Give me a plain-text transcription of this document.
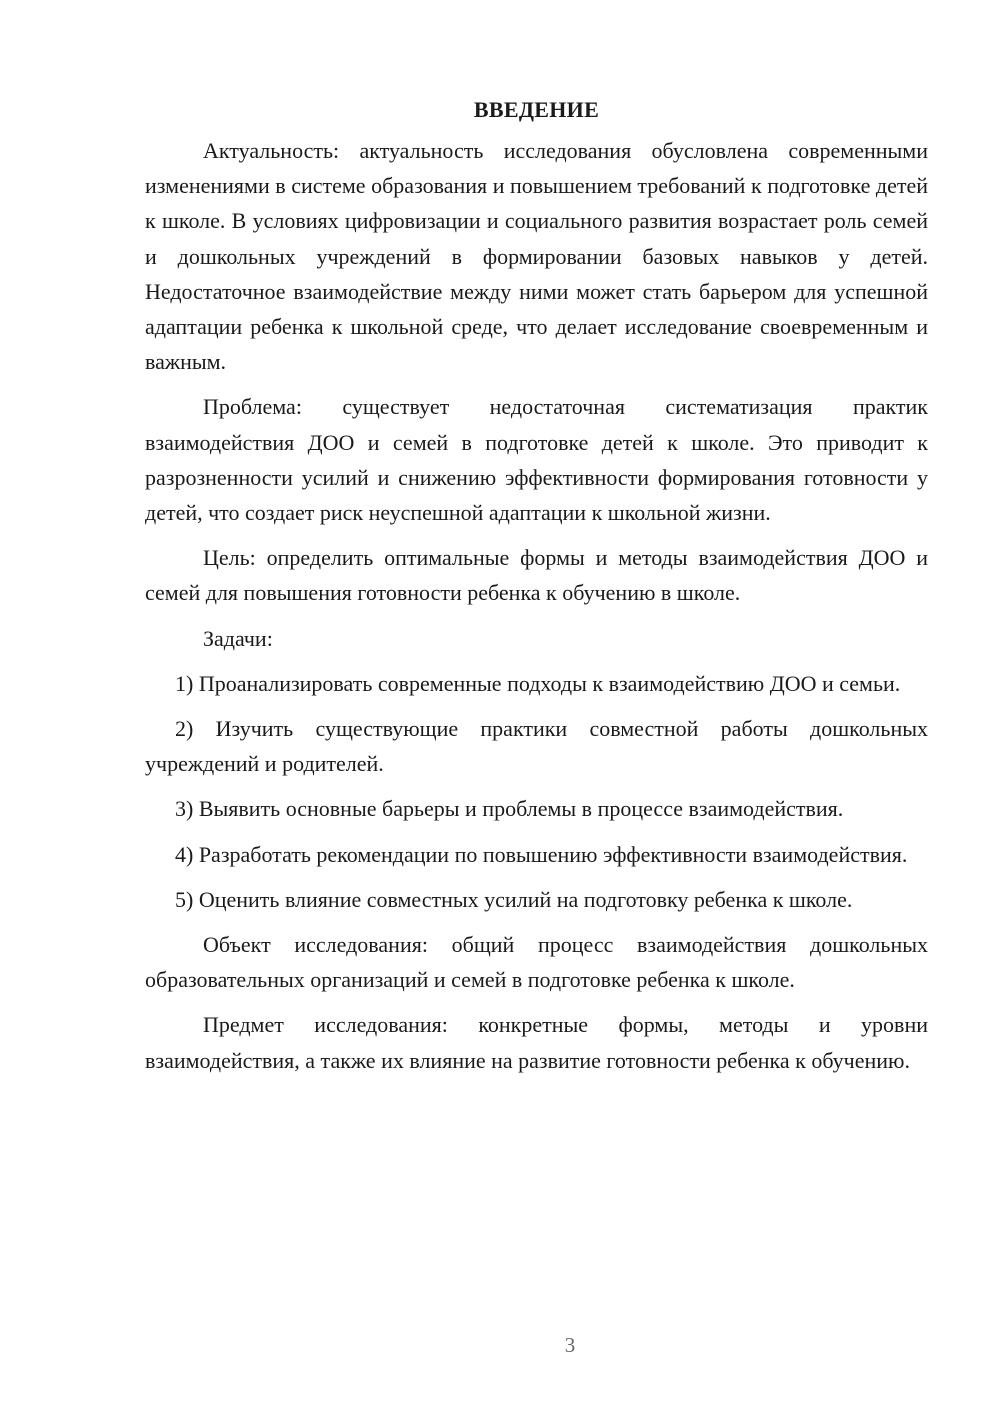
ВВЕДЕНИЕ

Актуальность: актуальность исследования обусловлена современными изменениями в системе образования и повышением требований к подготовке детей к школе. В условиях цифровизации и социального развития возрастает роль семей и дошкольных учреждений в формировании базовых навыков у детей. Недостаточное взаимодействие между ними может стать барьером для успешной адаптации ребенка к школьной среде, что делает исследование своевременным и важным.

Проблема: существует недостаточная систематизация практик взаимодействия ДОО и семей в подготовке детей к школе. Это приводит к разрозненности усилий и снижению эффективности формирования готовности у детей, что создает риск неуспешной адаптации к школьной жизни.

Цель: определить оптимальные формы и методы взаимодействия ДОО и семей для повышения готовности ребенка к обучению в школе.

Задачи:

1) Проанализировать современные подходы к взаимодействию ДОО и семьи.

2) Изучить существующие практики совместной работы дошкольных учреждений и родителей.

3) Выявить основные барьеры и проблемы в процессе взаимодействия.

4) Разработать рекомендации по повышению эффективности взаимодействия.

5) Оценить влияние совместных усилий на подготовку ребенка к школе.

Объект исследования: общий процесс взаимодействия дошкольных образовательных организаций и семей в подготовке ребенка к школе.

Предмет исследования: конкретные формы, методы и уровни взаимодействия, а также их влияние на развитие готовности ребенка к обучению.

3
